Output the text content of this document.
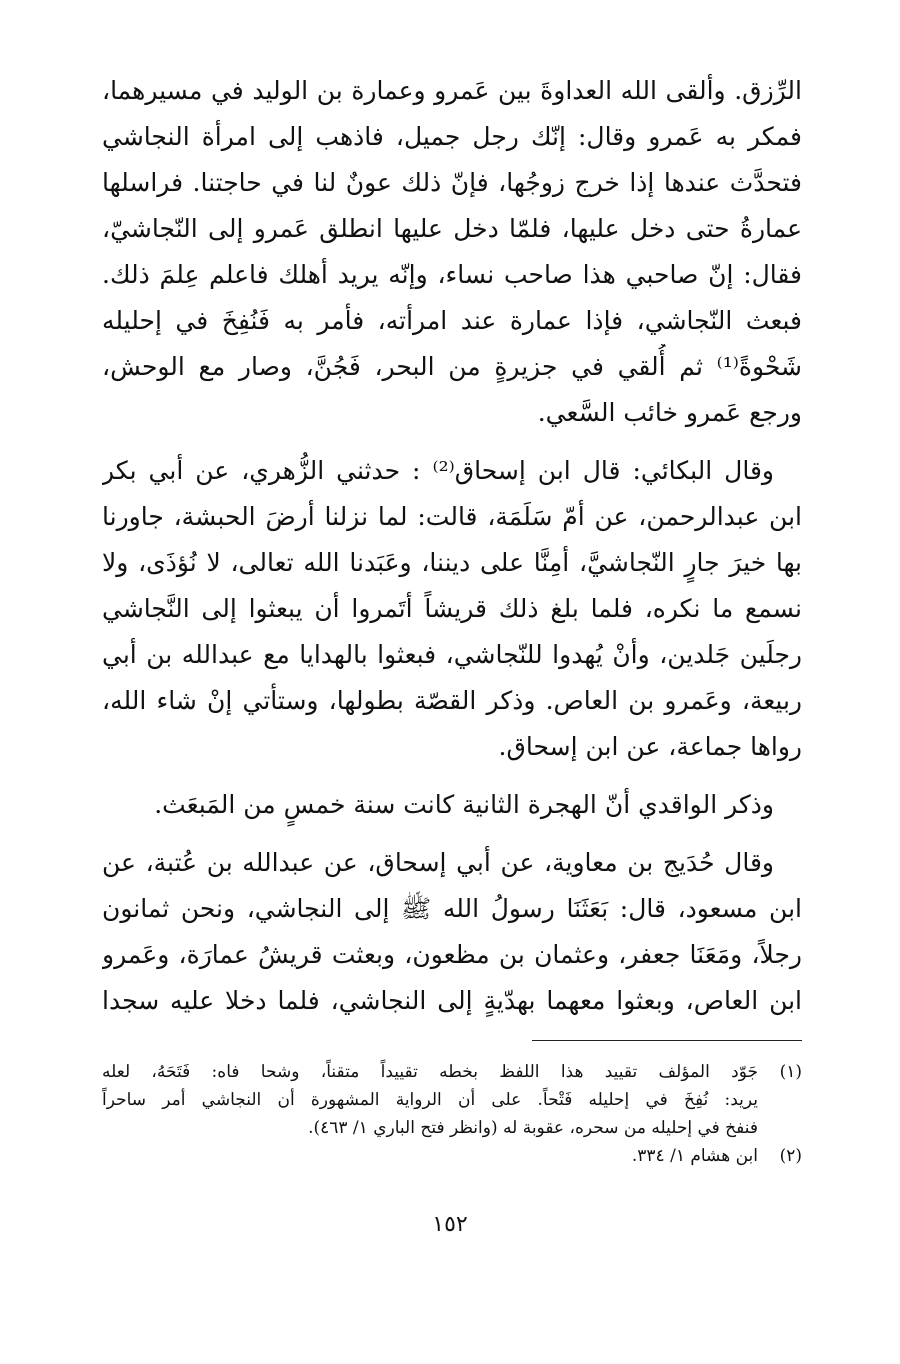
الرِّزق. وألقى الله العداوةَ بين عَمرو وعمارة بن الوليد في مسيرهما،
فمكر به عَمرو وقال: إنّك رجل جميل، فاذهب إلى امرأة النجاشي
فتحدَّث عندها إذا خرج زوجُها، فإنّ ذلك عونٌ لنا في حاجتنا. فراسلها
عمارةُ حتى دخل عليها، فلمّا دخل عليها انطلق عَمرو إلى النّجاشيّ،
فقال: إنّ صاحبي هذا صاحب نساء، وإنّه يريد أهلك فاعلم عِلمَ ذلك.
فبعث النّجاشي، فإذا عمارة عند امرأته، فأمر به فَنُفِخَ في إحليله
شَحْوةً⁽¹⁾ ثم أُلقي في جزيرةٍ من البحر، فَجُنَّ، وصار مع الوحش،
ورجع عَمرو خائب السَّعي.
وقال البكائي: قال ابن إسحاق⁽²⁾ : حدثني الزُّهري، عن أبي بكر
ابن عبدالرحمن، عن أمّ سَلَمَة، قالت: لما نزلنا أرضَ الحبشة، جاورنا
بها خيرَ جارٍ النّجاشيَّ، أمِنَّا على ديننا، وعَبَدنا الله تعالى، لا نُؤذَى، ولا
نسمع ما نكره، فلما بلغ ذلك قريشاً أتَمروا أن يبعثوا إلى النَّجاشي
رجلَين جَلدين، وأنْ يُهدوا للنّجاشي، فبعثوا بالهدايا مع عبدالله بن أبي
ربيعة، وعَمرو بن العاص. وذكر القصّة بطولها، وستأتي إنْ شاء الله،
رواها جماعة، عن ابن إسحاق.
وذكر الواقدي أنّ الهجرة الثانية كانت سنة خمسٍ من المَبعَث.
وقال حُدَيج بن معاوية، عن أبي إسحاق، عن عبدالله بن عُتبة، عن
ابن مسعود، قال: بَعَثَنَا رسولُ الله ﷺ إلى النجاشي، ونحن ثمانون
رجلاً، ومَعَنَا جعفر، وعثمان بن مظعون، وبعثت قريشُ عمارَة، وعَمرو
ابن العاص، وبعثوا معهما بهدّيةٍ إلى النجاشي، فلما دخلا عليه سجدا
(١)
جَوّد المؤلف تقييد هذا اللفظ بخطه تقييداً متقناً، وشحا فاه: فَتَحَهُ، لعله
يريد: نُفِخَ في إحليله فَتْحاً. على أن الرواية المشهورة أن النجاشي أمر ساحراً
فنفخ في إحليله من سحره، عقوبة له (وانظر فتح الباري ١/ ٤٦٣).
(٢)
ابن هشام ١/ ٣٣٤.
١٥٢
